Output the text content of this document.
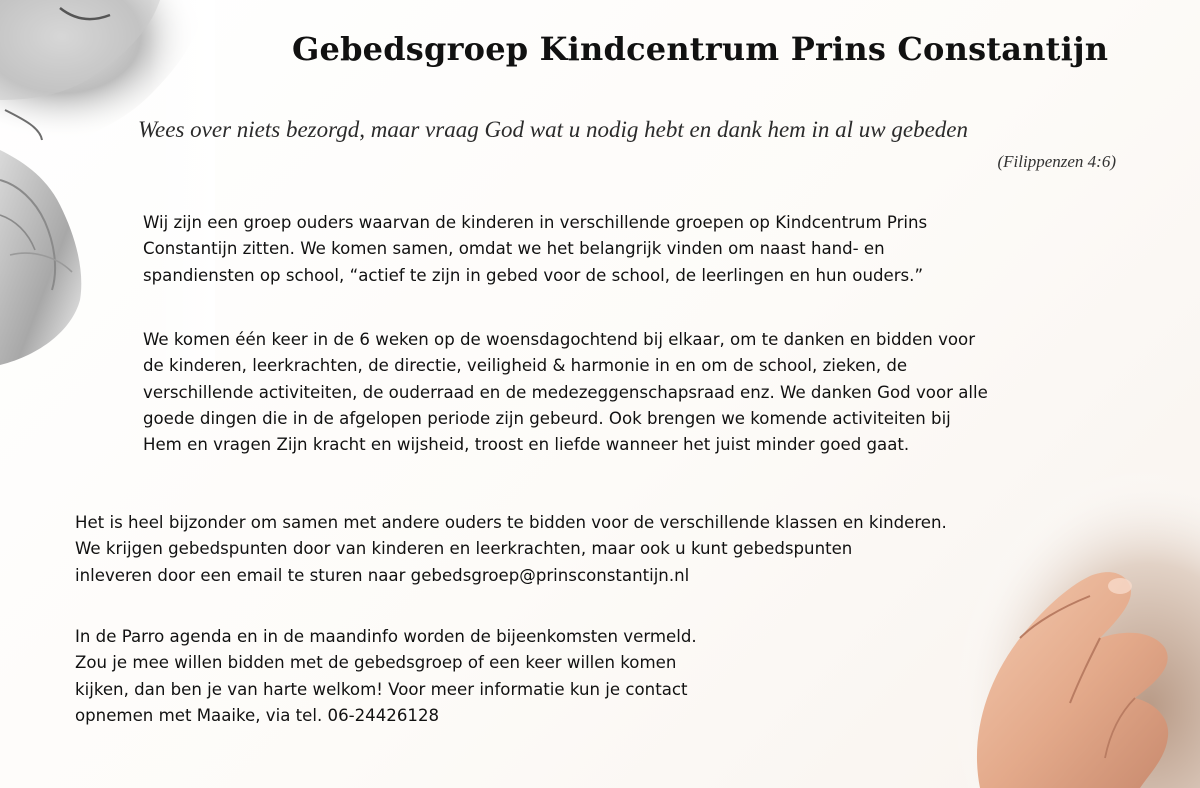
Gebedsgroep Kindcentrum Prins Constantijn
Wees over niets bezorgd, maar vraag God wat u nodig hebt en dank hem in al uw gebeden
(Filippenzen 4:6)

Wij zijn een groep ouders waarvan de kinderen in verschillende groepen op Kindcentrum Prins
Constantijn zitten. We komen samen, omdat we het belangrijk vinden om naast hand- en
spandiensten op school, “actief te zijn in gebed voor de school, de leerlingen en hun ouders.”

We komen één keer in de 6 weken op de woensdagochtend bij elkaar, om te danken en bidden voor
de kinderen, leerkrachten, de directie, veiligheid & harmonie in en om de school, zieken, de
verschillende activiteiten, de ouderraad en de medezeggenschapsraad enz. We danken God voor alle
goede dingen die in de afgelopen periode zijn gebeurd. Ook brengen we komende activiteiten bij
Hem en vragen Zijn kracht en wijsheid, troost en liefde wanneer het juist minder goed gaat.

Het is heel bijzonder om samen met andere ouders te bidden voor de verschillende klassen en kinderen.
We krijgen gebedspunten door van kinderen en leerkrachten, maar ook u kunt gebedspunten
inleveren door een email te sturen naar gebedsgroep@prinsconstantijn.nl

In de Parro agenda en in de maandinfo worden de bijeenkomsten vermeld.
Zou je mee willen bidden met de gebedsgroep of een keer willen komen
kijken, dan ben je van harte welkom! Voor meer informatie kun je contact
opnemen met Maaike, via tel. 06-24426128
